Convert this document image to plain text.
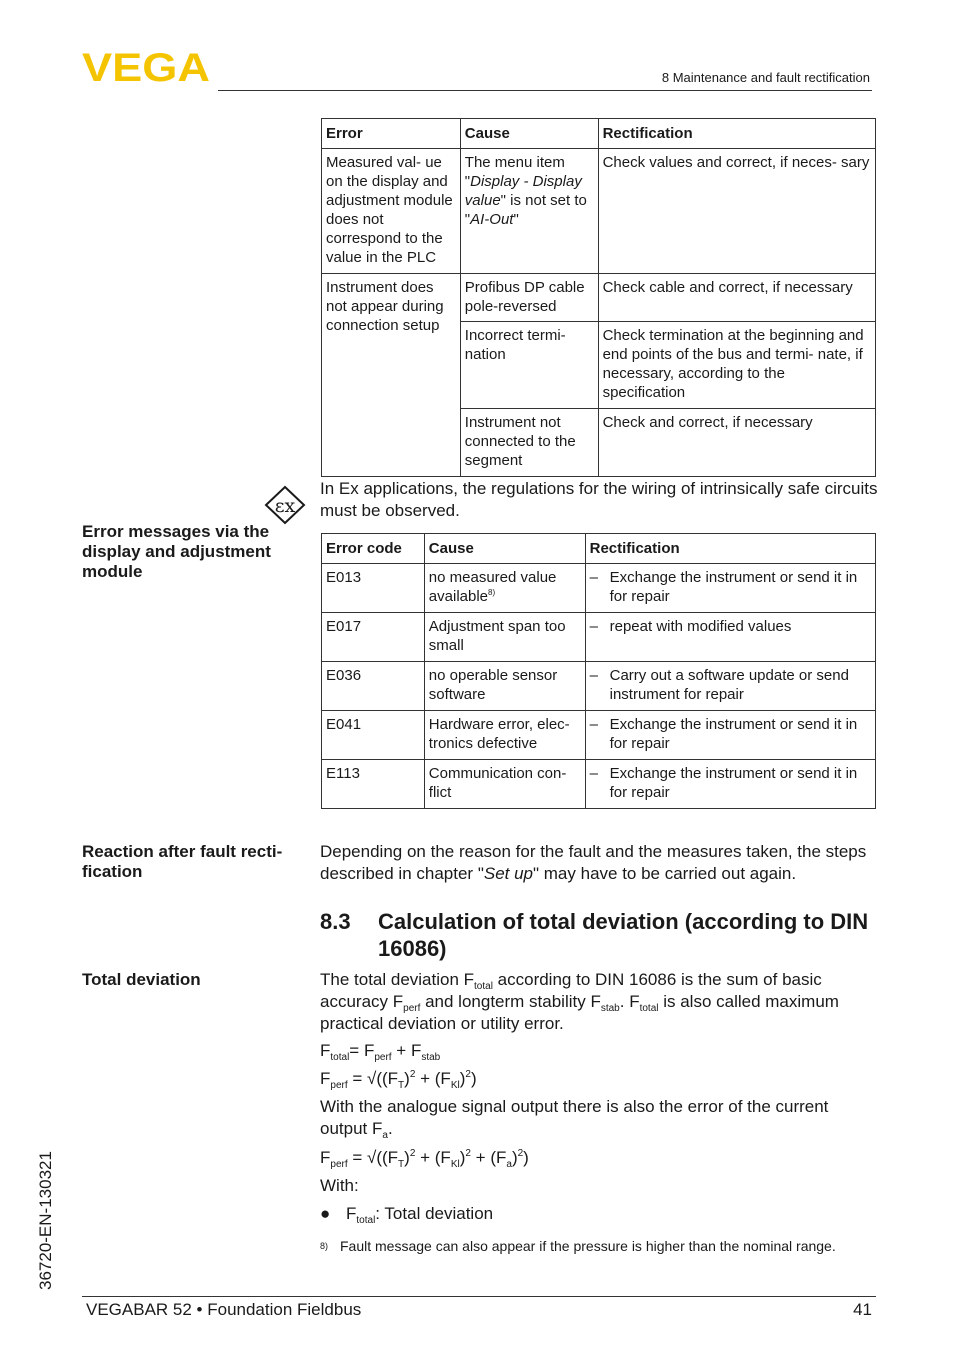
VEGA	8 Maintenance and fault rectification
Error	Cause	Rectification
Measured val- ue on the display and adjustment module does not correspond to the value in the PLC	The menu item "Display - Display value" is not set to "AI-Out"	Check values and correct, if neces- sary
Instrument does not appear during connection setup	Profibus DP cable pole-reversed	Check cable and correct, if necessary
	Incorrect termi- nation	Check termination at the beginning and end points of the bus and termi- nate, if necessary, according to the specification
	Instrument not connected to the segment	Check and correct, if necessary
εx
In Ex applications, the regulations for the wiring of intrinsically safe circuits must be observed.
Error messages via the display and adjustment module
Error code	Cause	Rectification
E013	no measured value available$^{8)}$	– Exchange the instrument or send it in for repair

E017	Adjustment span too small	– repeat with modified values

E036	no operable sensor software	– Carry out a software update or send instrument for repair

E041	Hardware error, elec- tronics defective	– Exchange the instrument or send it in for repair

E113	Communication con- flict	– Exchange the instrument or send it in for repair
Reaction after fault recti- fication
Depending on the reason for the fault and the measures taken, the steps described in chapter "Set up" may have to be carried out again.
8.3	Calculation of total deviation (according to DIN 16086)
Total deviation	The total deviation $F_{total}$ according to DIN 16086 is the sum of basic accuracy $F_{perf}$ and longterm stability $F_{stab}$. $F_{total}$ is also called maximum practical deviation or utility error.
$F_{total}= F_{perf} + F_{stab}$
$F_{perf} = √((F_T)^2 + (F_{Kl})^2)$
With the analogue signal output there is also the error of the current output $F_a$.
$F_{perf} = √((F_T)^2 + (F_{Kl})^2 + (F_a)^2)$
With:
● $F_{total}$: Total deviation
8) Fault message can also appear if the pressure is higher than the nominal range.
36720-EN-130321
VEGABAR 52 • Foundation Fieldbus	41
